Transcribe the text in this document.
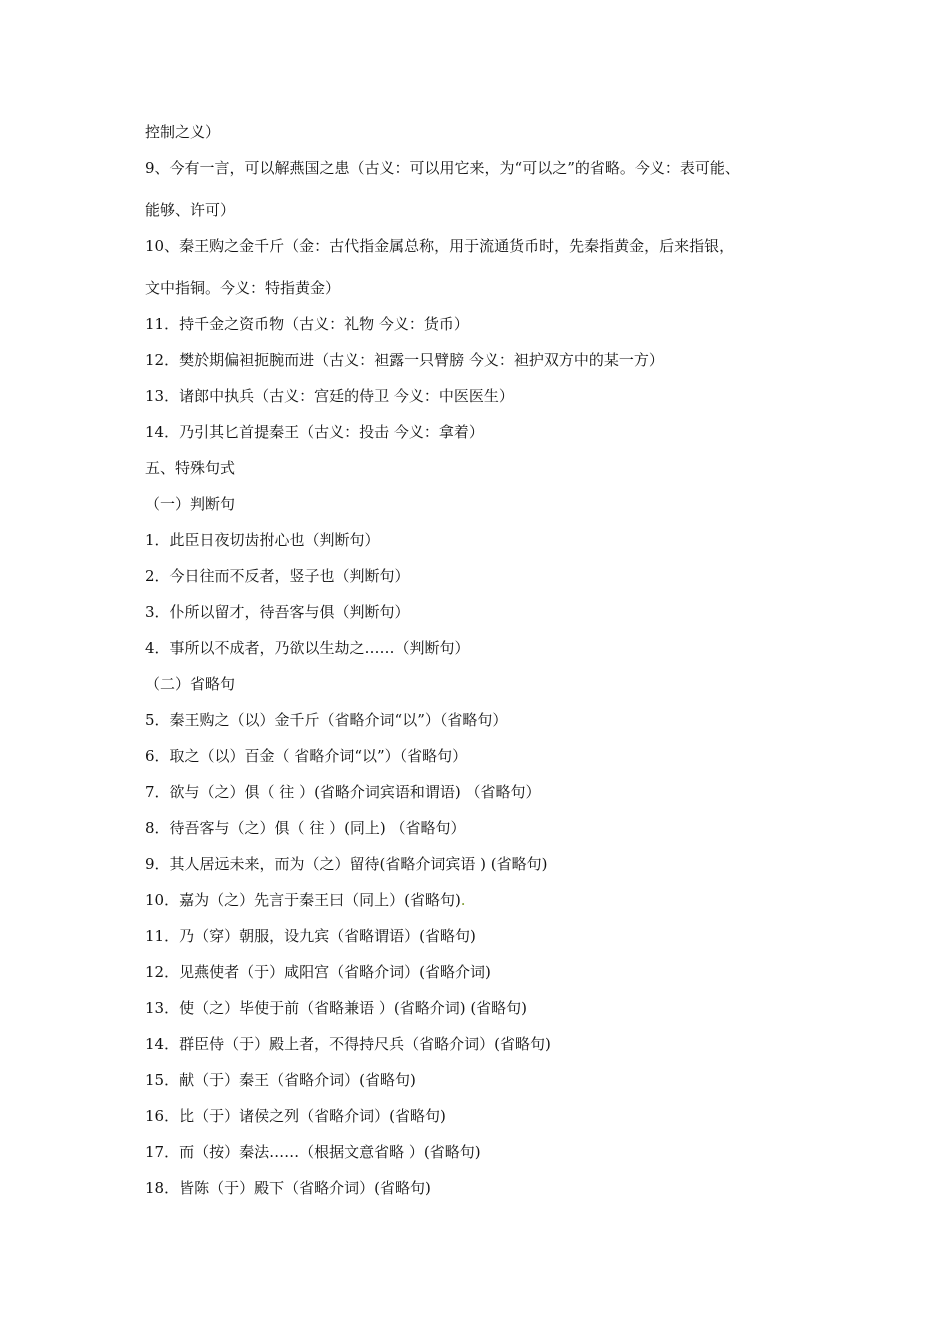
控制之义）

9、今有一言，可以解燕国之患（古义：可以用它来，为“可以之”的省略。今义：表可能、

能够、许可）

10、秦王购之金千斤（金：古代指金属总称，用于流通货币时，先秦指黄金，后来指银，

文中指铜。今义：特指黄金）

11．持千金之资币物（古义：礼物 今义：货币）

12．樊於期偏袒扼腕而进（古义：袒露一只臂膀 今义：袒护双方中的某一方）

13．诸郎中执兵（古义：宫廷的侍卫 今义：中医医生）

14．乃引其匕首提秦王（古义：投击 今义：拿着）

五、特殊句式

（一）判断句

1．此臣日夜切齿拊心也（判断句）

2．今日往而不反者，竖子也（判断句）

3．仆所以留才，待吾客与俱（判断句）

4．事所以不成者，乃欲以生劫之……（判断句）

（二）省略句

5．秦王购之（以）金千斤（省略介词“以”）（省略句）

6．取之（以）百金（ 省略介词“以”）（省略句）

7．欲与（之）俱（ 往 ）(省略介词宾语和谓语) （省略句）

8．待吾客与（之）俱（ 往 ）(同上) （省略句）

9．其人居远未来，而为（之）留待(省略介词宾语 ) (省略句)

10．嘉为（之）先言于秦王曰（同上）(省略句).

11．乃（穿）朝服，设九宾（省略谓语）(省略句)

12．见燕使者（于）咸阳宫（省略介词）(省略介词)

13．使（之）毕使于前（省略兼语 ）(省略介词) (省略句)

14．群臣侍（于）殿上者，不得持尺兵（省略介词）(省略句)

15．献（于）秦王（省略介词）(省略句)

16．比（于）诸侯之列（省略介词）(省略句)

17．而（按）秦法……（根据文意省略 ）(省略句)

18．皆陈（于）殿下（省略介词）(省略句)
